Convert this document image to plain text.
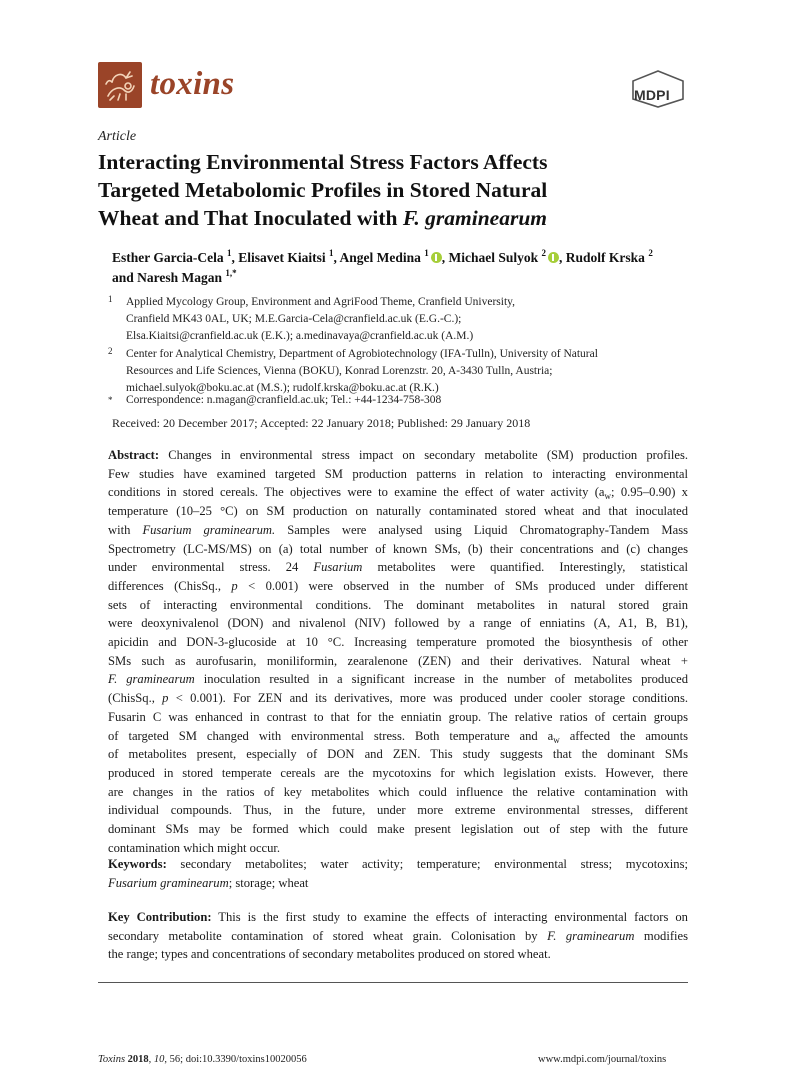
toxins	MDPI
Article
Interacting Environmental Stress Factors Affects
Targeted Metabolomic Profiles in Stored Natural
Wheat and That Inoculated with F. graminearum
Esther Garcia-Cela $^1$, Elisavet Kiaitsi $^1$, Angel Medina $^1$ , Michael Sulyok $^2$ , Rudolf Krska $^2$
and Naresh Magan $^{1,*}$
1 Applied Mycology Group, Environment and AgriFood Theme, Cranfield University,
Cranfield MK43 0AL, UK; M.E.Garcia-Cela@cranfield.ac.uk (E.G.-C.);
Elsa.Kiaitsi@cranfield.ac.uk (E.K.); a.medinavaya@cranfield.ac.uk (A.M.)
2 Center for Analytical Chemistry, Department of Agrobiotechnology (IFA-Tulln), University of Natural
Resources and Life Sciences, Vienna (BOKU), Konrad Lorenzstr. 20, A-3430 Tulln, Austria;
michael.sulyok@boku.ac.at (M.S.); rudolf.krska@boku.ac.at (R.K.)
* Correspondence: n.magan@cranfield.ac.uk; Tel.: +44-1234-758-308
Received: 20 December 2017; Accepted: 22 January 2018; Published: 29 January 2018
Abstract: Changes in environmental stress impact on secondary metabolite (SM) production profiles.
Few studies have examined targeted SM production patterns in relation to interacting environmental
conditions in stored cereals. The objectives were to examine the effect of water activity ($a_w$; 0.95–0.90) x
temperature (10–25 °C) on SM production on naturally contaminated stored wheat and that inoculated
with Fusarium graminearum. Samples were analysed using Liquid Chromatography-Tandem Mass
Spectrometry (LC-MS/MS) on (a) total number of known SMs, (b) their concentrations and (c) changes
under environmental stress. 24 Fusarium metabolites were quantified. Interestingly, statistical
differences (ChisSq., p < 0.001) were observed in the number of SMs produced under different
sets of interacting environmental conditions. The dominant metabolites in natural stored grain
were deoxynivalenol (DON) and nivalenol (NIV) followed by a range of enniatins (A, A1, B, B1),
apicidin and DON-3-glucoside at 10 °C. Increasing temperature promoted the biosynthesis of other
SMs such as aurofusarin, moniliformin, zearalenone (ZEN) and their derivatives. Natural wheat +
F. graminearum inoculation resulted in a significant increase in the number of metabolites produced
(ChisSq., p < 0.001). For ZEN and its derivatives, more was produced under cooler storage conditions.
Fusarin C was enhanced in contrast to that for the enniatin group. The relative ratios of certain groups
of targeted SM changed with environmental stress. Both temperature and $a_w$ affected the amounts
of metabolites present, especially of DON and ZEN. This study suggests that the dominant SMs
produced in stored temperate cereals are the mycotoxins for which legislation exists. However, there
are changes in the ratios of key metabolites which could influence the relative contamination with
individual compounds. Thus, in the future, under more extreme environmental stresses, different
dominant SMs may be formed which could make present legislation out of step with the future
contamination which might occur.
Keywords: secondary metabolites; water activity; temperature; environmental stress; mycotoxins;
Fusarium graminearum; storage; wheat
Key Contribution: This is the first study to examine the effects of interacting environmental factors on
secondary metabolite contamination of stored wheat grain. Colonisation by F. graminearum modifies
the range; types and concentrations of secondary metabolites produced on stored wheat.
Toxins 2018, 10, 56; doi:10.3390/toxins10020056	www.mdpi.com/journal/toxins
